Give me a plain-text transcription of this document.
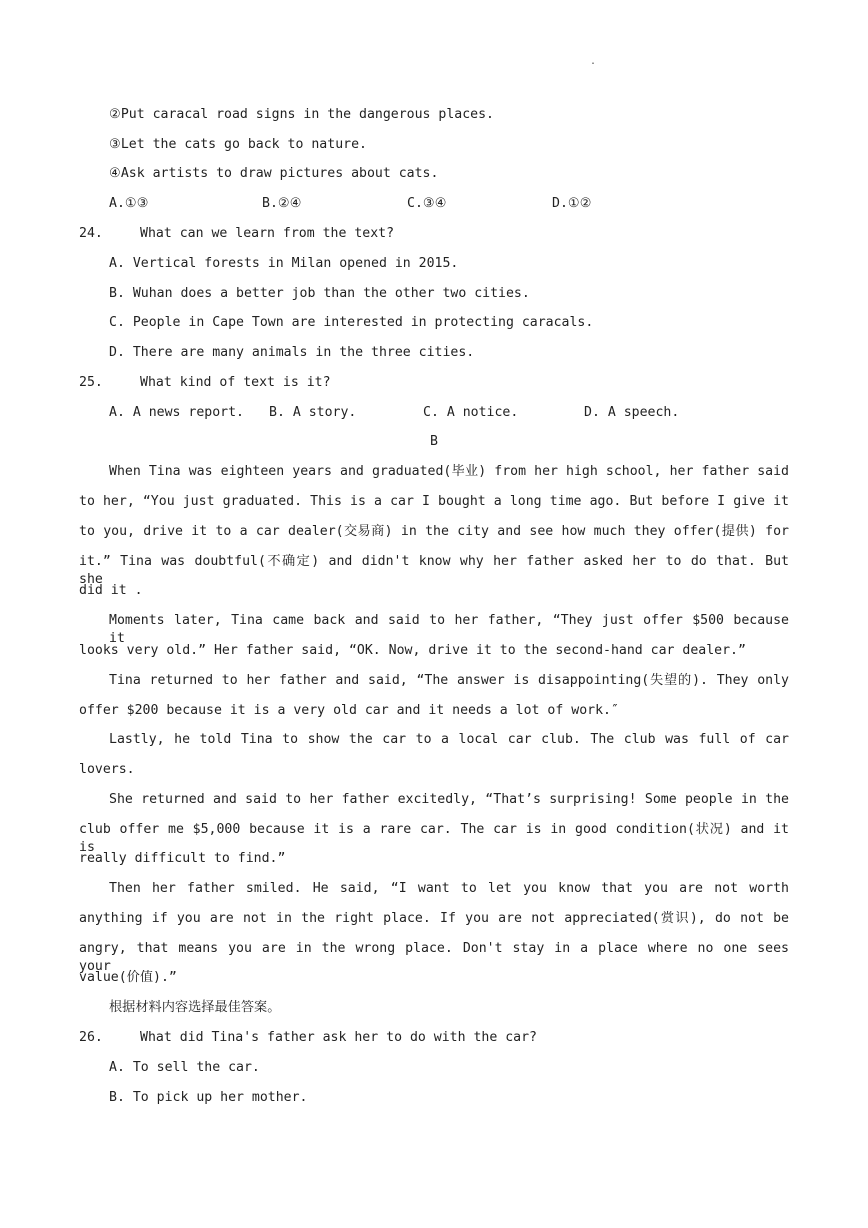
.
②Put caracal road signs in the dangerous places.
③Let the cats go back to nature.
④Ask artists to draw pictures about cats.
A.①③	B.②④	C.③④	D.①②
24.	What can we learn from the text?
A. Vertical forests in Milan opened in 2015.
B. Wuhan does a better job than the other two cities.
C. People in Cape Town are interested in protecting caracals.
D. There are many animals in the three cities.
25.	What kind of text is it?
A. A news report. B. A story.	C. A notice.	D. A speech.
B
When Tina was eighteen years and graduated(毕业) from her high school, her father said
to her, “You just graduated. This is a car I bought a long time ago. But before I give it
to you, drive it to a car dealer(交易商) in the city and see how much they offer(提供) for
it.” Tina was doubtful(不确定) and didn't know why her father asked her to do that. But she
did it .
Moments later, Tina came back and said to her father, “They just offer $500 because it
looks very old.” Her father said, “OK. Now, drive it to the second-hand car dealer.”
Tina returned to her father and said, “The answer is disappointing(失望的). They only
offer $200 because it is a very old car and it needs a lot of work.″
Lastly, he told Tina to show the car to a local car club. The club was full of car
lovers.
She returned and said to her father excitedly, “That’s surprising! Some people in the
club offer me $5,000 because it is a rare car. The car is in good condition(状况) and it is
really difficult to find.”
Then her father smiled. He said, “I want to let you know that you are not worth
anything if you are not in the right place. If you are not appreciated(赏识), do not be
angry, that means you are in the wrong place. Don't stay in a place where no one sees your
value(价值).”
根据材料内容选择最佳答案。
26.	What did Tina's father ask her to do with the car?
A. To sell the car.
B. To pick up her mother.
